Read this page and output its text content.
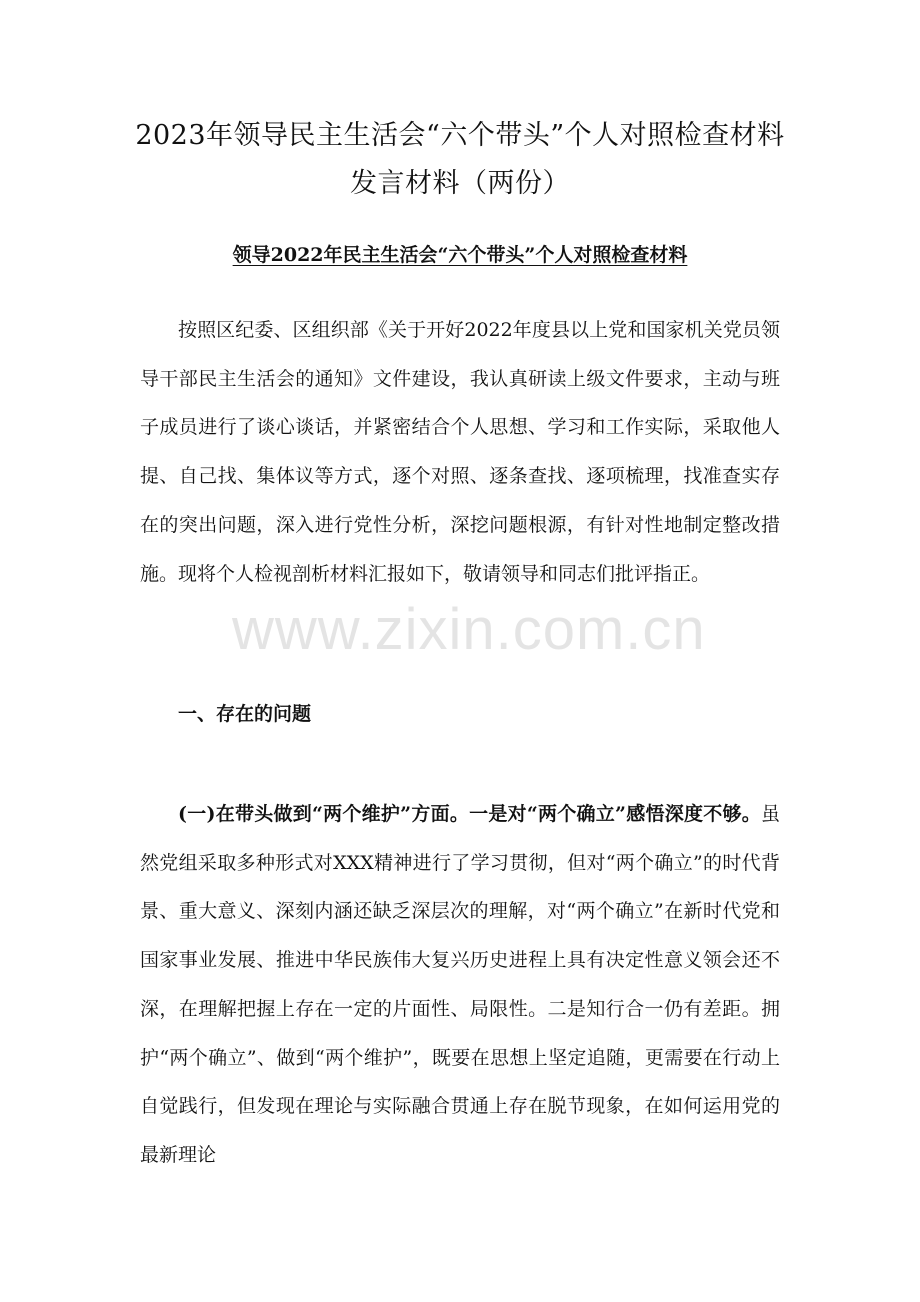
2023年领导民主生活会“六个带头”个人对照检查材料发言材料（两份）

领导2022年民主生活会“六个带头”个人对照检查材料

按照区纪委、区组织部《关于开好2022年度县以上党和国家机关党员领导干部民主生活会的通知》文件建设，我认真研读上级文件要求，主动与班子成员进行了谈心谈话，并紧密结合个人思想、学习和工作实际，采取他人提、自己找、集体议等方式，逐个对照、逐条查找、逐项梳理，找准查实存在的突出问题，深入进行党性分析，深挖问题根源，有针对性地制定整改措施。现将个人检视剖析材料汇报如下，敬请领导和同志们批评指正。

www.zixin.com.cn

一、存在的问题

(一)在带头做到“两个维护”方面。一是对“两个确立”感悟深度不够。虽然党组采取多种形式对XXX精神进行了学习贯彻，但对“两个确立”的时代背景、重大意义、深刻内涵还缺乏深层次的理解，对“两个确立”在新时代党和国家事业发展、推进中华民族伟大复兴历史进程上具有决定性意义领会还不深，在理解把握上存在一定的片面性、局限性。二是知行合一仍有差距。拥护“两个确立”、做到“两个维护”，既要在思想上坚定追随，更需要在行动上自觉践行，但发现在理论与实际融合贯通上存在脱节现象，在如何运用党的最新理论
